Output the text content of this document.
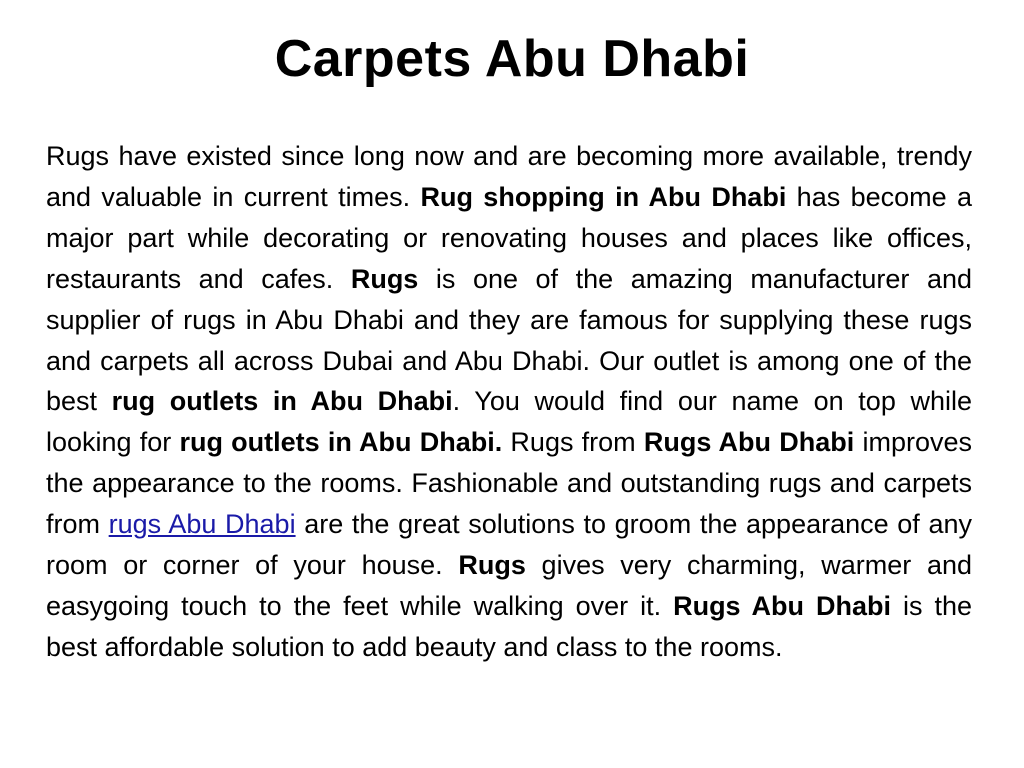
Carpets Abu Dhabi

Rugs have existed since long now and are becoming more available, trendy and valuable in current times. Rug shopping in Abu Dhabi has become a major part while decorating or renovating houses and places like offices, restaurants and cafes. Rugs is one of the amazing manufacturer and supplier of rugs in Abu Dhabi and they are famous for supplying these rugs and carpets all across Dubai and Abu Dhabi. Our outlet is among one of the best rug outlets in Abu Dhabi. You would find our name on top while looking for rug outlets in Abu Dhabi. Rugs from Rugs Abu Dhabi improves the appearance to the rooms. Fashionable and outstanding rugs and carpets from rugs Abu Dhabi are the great solutions to groom the appearance of any room or corner of your house. Rugs gives very charming, warmer and easygoing touch to the feet while walking over it. Rugs Abu Dhabi is the best affordable solution to add beauty and class to the rooms.
